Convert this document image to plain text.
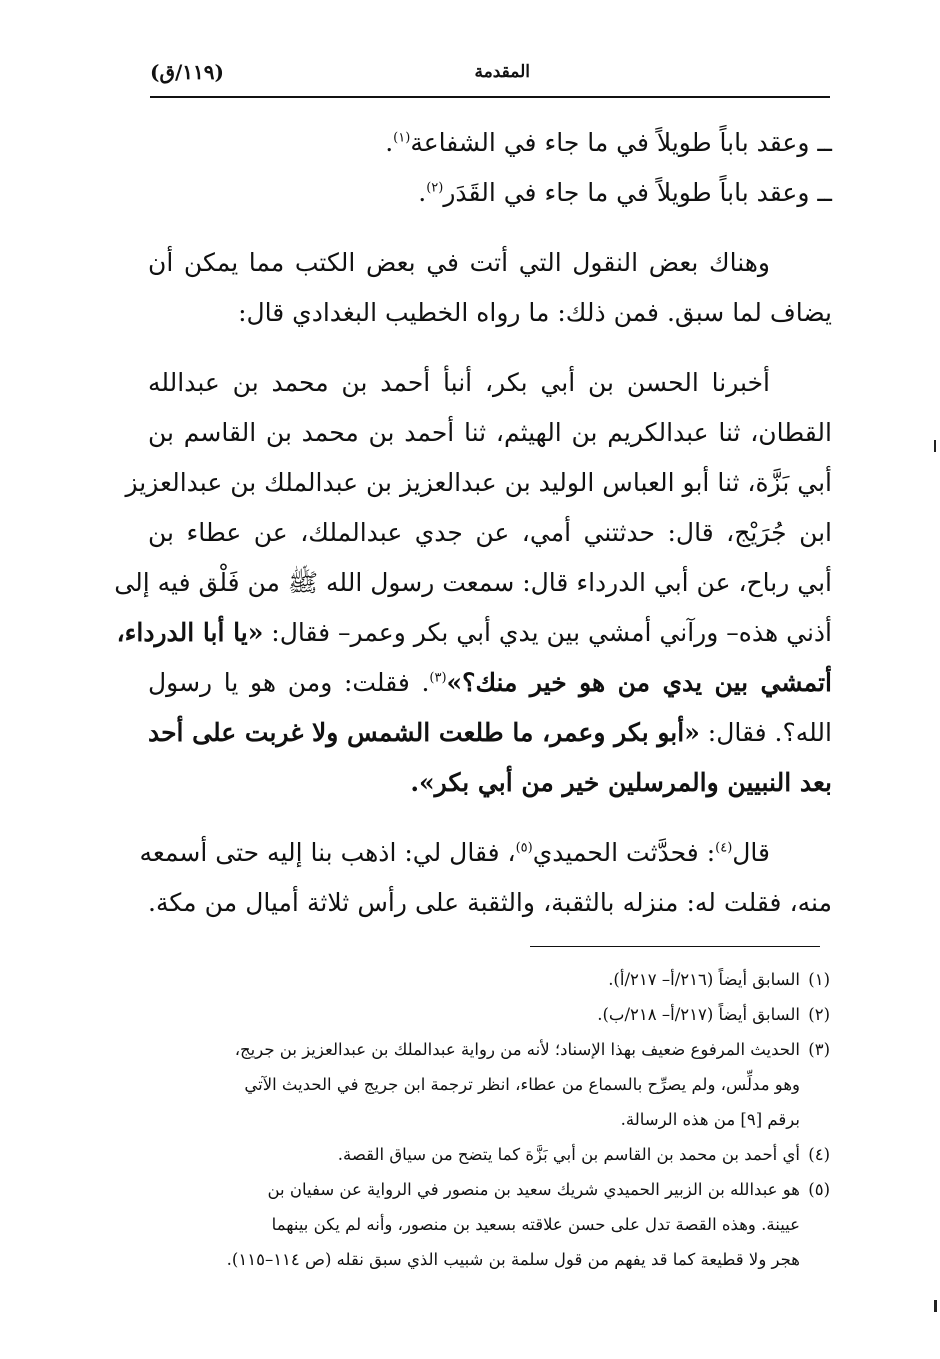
المقدمة
(١١٩/ق)

ــ وعقد باباً طويلاً في ما جاء في الشفاعة$^{(١)}$.

ــ وعقد باباً طويلاً في ما جاء في القَدَر$^{(٢)}$.

وهناك بعض النقول التي أتت في بعض الكتب مما يمكن أن

يضاف لما سبق. فمن ذلك: ما رواه الخطيب البغدادي قال:

أخبرنا الحسن بن أبي بكر، أنبأ أحمد بن محمد بن عبدالله

القطان، ثنا عبدالكريم بن الهيثم، ثنا أحمد بن محمد بن القاسم بن

أبي بَزَّة، ثنا أبو العباس الوليد بن عبدالعزيز بن عبدالملك بن عبدالعزيز

ابن جُرَيْج، قال: حدثتني أمي، عن جدي عبدالملك، عن عطاء بن

أبي رباح، عن أبي الدرداء قال: سمعت رسول الله ﷺ من فَلْق فيه إلى

أذني هذه– ورآني أمشي بين يدي أبي بكر وعمر– فقال: «يا أبا الدرداء،

أتمشي بين يدي من هو خير منك؟»$^{(٣)}$. فقلت: ومن هو يا رسول

الله؟. فقال: «أبو بكر وعمر، ما طلعت الشمس ولا غربت على أحد

بعد النبيين والمرسلين خير من أبي بكر».

قال$^{(٤)}$: فحدَّثت الحميدي$^{(٥)}$، فقال لي: اذهب بنا إليه حتى أسمعه

منه، فقلت له: منزله بالثقبة، والثقبة على رأس ثلاثة أميال من مكة.

(١)السابق أيضاً (٢١٦/أ– ٢١٧/أ).

(٢)السابق أيضاً (٢١٧/أ– ٢١٨/ب).

(٣)الحديث المرفوع ضعيف بهذا الإسناد؛ لأنه من رواية عبدالملك بن عبدالعزيز بن جريج،

وهو مدلِّس، ولم يصرِّح بالسماع من عطاء، انظر ترجمة ابن جريج في الحديث الآتي

برقم [٩] من هذه الرسالة.

(٤)أي أحمد بن محمد بن القاسم بن أبي بَزَّة كما يتضح من سياق القصة.

(٥)هو عبدالله بن الزبير الحميدي شريك سعيد بن منصور في الرواية عن سفيان بن

عيينة. وهذه القصة تدل على حسن علاقته بسعيد بن منصور، وأنه لم يكن بينهما

هجر ولا قطيعة كما قد يفهم من قول سلمة بن شبيب الذي سبق نقله (ص ١١٤–١١٥).
